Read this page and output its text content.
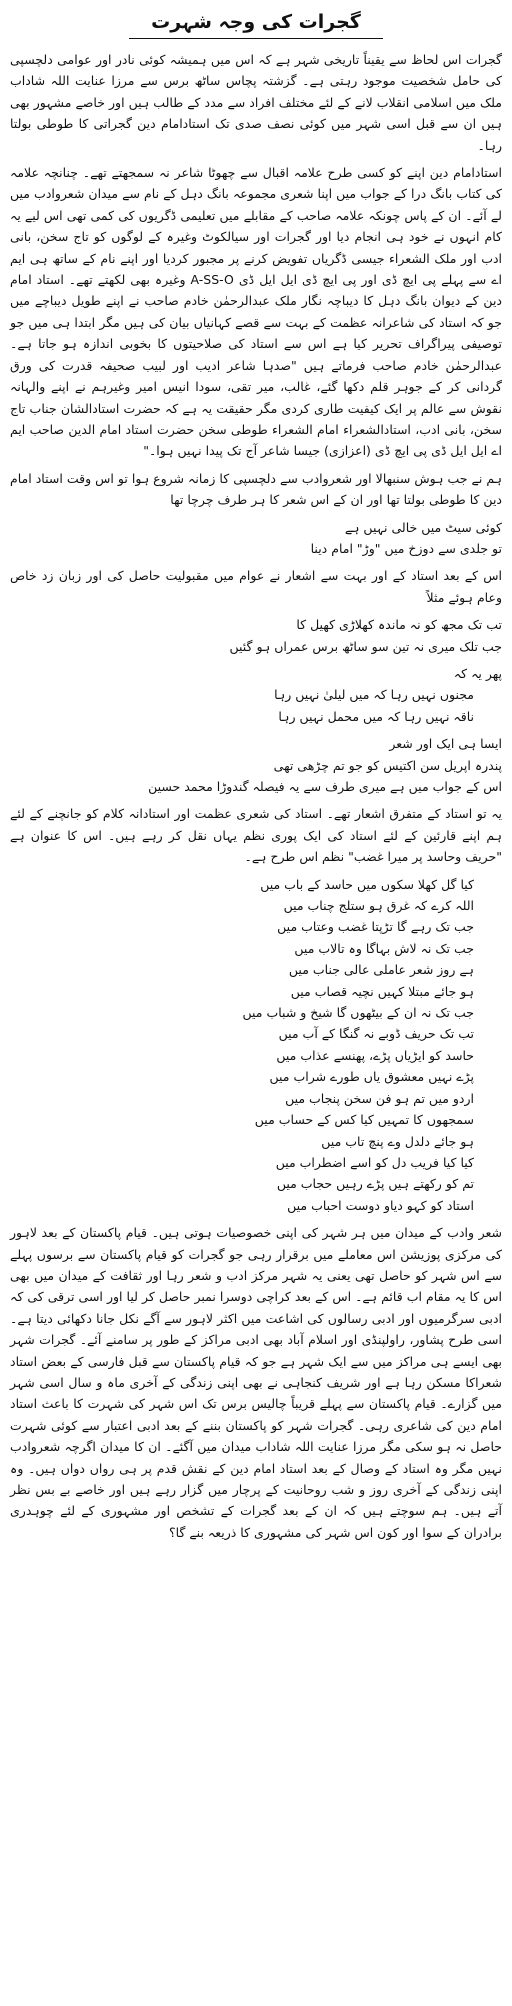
گجرات کی وجہ شہرت

گجرات اس لحاظ سے یقیناً تاریخی شہر ہے کہ اس میں ہمیشہ کوئی نادر اور عوامی دلچسپی کی حامل شخصیت موجود رہتی ہے۔ گزشتہ پچاس ساٹھ برس سے مرزا عنایت اللہ شاداب ملک میں اسلامی انقلاب لانے کے لئے مختلف افراد سے مدد کے طالب ہیں اور خاصے مشہور بھی ہیں ان سے قبل اسی شہر میں کوئی نصف صدی تک استادامام دین گجراتی کا طوطی بولتا رہا۔

استادامام دین اپنے کو کسی طرح علامہ اقبال سے چھوٹا شاعر نہ سمجھتے تھے۔ چنانچہ علامہ کی کتاب بانگ درا کے جواب میں اپنا شعری مجموعہ بانگ دہل کے نام سے میدان شعروادب میں لے آئے۔ ان کے پاس چونکہ علامہ صاحب کے مقابلے میں تعلیمی ڈگریوں کی کمی تھی اس لیے یہ کام انہوں نے خود ہی انجام دیا اور گجرات اور سیالکوٹ وغیرہ کے لوگوں کو تاج سخن، بانی ادب اور ملک الشعراء جیسی ڈگریاں تفویض کرنے پر مجبور کردیا اور اپنے نام کے ساتھ ہی ایم اے سے پہلے پی ایچ ڈی اور پی ایچ ڈی ایل ایل ڈی A-SS-O وغیرہ بھی لکھتے تھے۔ استاد امام دین کے دیوان بانگ دہل کا دیباچہ نگار ملک عبدالرحمٰن خادم صاحب نے اپنے طویل دیباچے میں جو کہ استاد کی شاعرانہ عظمت کے بہت سے قصے کہانیاں بیان کی ہیں مگر ابتدا ہی میں جو توصیفی پیراگراف تحریر کیا ہے اس سے استاد کی صلاحیتوں کا بخوبی اندازہ ہو جاتا ہے۔ عبدالرحمٰن خادم صاحب فرماتے ہیں "صدہا شاعر ادیب اور لبیب صحیفہ قدرت کی ورق گردانی کر کے جوہر قلم دکھا گئے، غالب، میر تقی، سودا انیس امیر وغیرہم نے اپنے والہانہ نقوش سے عالم پر ایک کیفیت طاری کردی مگر حقیقت یہ ہے کہ حضرت استادالشان جناب تاج سخن، بانی ادب، استادالشعراء امام الشعراء طوطی سخن حضرت استاد امام الدین صاحب ایم اے ایل ایل ڈی پی ایچ ڈی (اعزازی) جیسا شاعر آج تک پیدا نہیں ہوا۔"

ہم نے جب ہوش سنبھالا اور شعروادب سے دلچسپی کا زمانہ شروع ہوا تو اس وقت استاد امام دین کا طوطی بولتا تھا اور ان کے اس شعر کا ہر طرف چرچا تھا

کوئی سیٹ میں خالی نہیں ہے

تو جلدی سے دوزخ میں "وڑ" امام دینا

اس کے بعد استاد کے اور بہت سے اشعار نے عوام میں مقبولیت حاصل کی اور زبان زد خاص وعام ہوئے مثلاً

تب تک مجھ کو نہ ماندہ کھلاڑی کھیل کا

جب تلک میری نہ تین سو ساٹھ برس عمراں ہو گئیں

پھر یہ کہ

مجنوں نہیں رہا کہ میں لیلیٰ نہیں رہا

ناقہ نہیں رہا کہ میں محمل نہیں رہا

ایسا ہی ایک اور شعر

پندرہ اپریل سن اکتیس کو جو تم چڑھی تھی

اس کے جواب میں ہے میری طرف سے یہ فیصلہ گندوڑا محمد حسین

یہ تو استاد کے متفرق اشعار تھے۔ استاد کی شعری عظمت اور استادانہ کلام کو جانچنے کے لئے ہم اپنے قارئین کے لئے استاد کی ایک پوری نظم یہاں نقل کر رہے ہیں۔ اس کا عنوان ہے "حریف وحاسد پر میرا غضب" نظم اس طرح ہے۔

کیا گل کھلا سکوں میں حاسد کے باب میں

اللہ کرے کہ غرق ہو ستلج چناب میں

جب تک رہے گا تڑپتا غضب وعتاب میں

جب تک نہ لاش بہاگا وہ تالاب میں

ہے روز شعر عاملی عالی جناب میں

ہو جائے مبتلا کہیں نچیہ قصاب میں

جب تک نہ ان کے بیٹھوں گا شیخ و شباب میں

تب تک حریف ڈوبے نہ گنگا کے آب میں

حاسد کو ایڑیاں پڑے، پھنسے عذاب میں

پڑے نہیں معشوق یاں طورے شراب میں

اردو میں تم ہو فن سخن پنجاب میں

سمجھوں کا تمہیں کیا کس کے حساب میں

ہو جائے دلدل وے پنچ تاب میں

کیا کیا فریب دل کو اسے اضطراب میں

تم کو رکھتے ہیں پڑے رہیں حجاب میں

استاد کو کہو دیاو دوست احباب میں

شعر وادب کے میدان میں ہر شہر کی اپنی خصوصیات ہوتی ہیں۔ قیام پاکستان کے بعد لاہور کی مرکزی پوزیشن اس معاملے میں برقرار رہی جو گجرات کو قیام پاکستان سے برسوں پہلے سے اس شہر کو حاصل تھی یعنی یہ شہر مرکز ادب و شعر رہا اور ثقافت کے میدان میں بھی اس کا یہ مقام اب قائم ہے۔ اس کے بعد کراچی دوسرا نمبر حاصل کر لیا اور اسی ترقی کی کہ ادبی سرگرمیوں اور ادبی رسالوں کی اشاعت میں اکثر لاہور سے آگے نکل جانا دکھائی دیتا ہے۔ اسی طرح پشاور، راولپنڈی اور اسلام آباد بھی ادبی مراکز کے طور پر سامنے آئے۔ گجرات شہر بھی ایسے ہی مراکز میں سے ایک شہر ہے جو کہ قیام پاکستان سے قبل فارسی کے بعض استاد شعراکا مسکن رہا ہے اور شریف کنجاہی نے بھی اپنی زندگی کے آخری ماہ و سال اسی شہر میں گزارے۔ قیام پاکستان سے پہلے قریباً چالیس برس تک اس شہر کی شہرت کا باعث استاد امام دین کی شاعری رہی۔ گجرات شہر کو پاکستان بننے کے بعد ادبی اعتبار سے کوئی شہرت حاصل نہ ہو سکی مگر مرزا عنایت اللہ شاداب میدان میں آگئے۔ ان کا میدان اگرچہ شعروادب نہیں مگر وہ استاد کے وصال کے بعد استاد امام دین کے نقش قدم پر ہی رواں دواں ہیں۔ وہ اپنی زندگی کے آخری روز و شب روحانیت کے پرچار میں گزار رہے ہیں اور خاصے بے بس نظر آتے ہیں۔ ہم سوچتے ہیں کہ ان کے بعد گجرات کے تشخص اور مشہوری کے لئے چوہدری برادران کے سوا اور کون اس شہر کی مشہوری کا ذریعہ بنے گا؟
